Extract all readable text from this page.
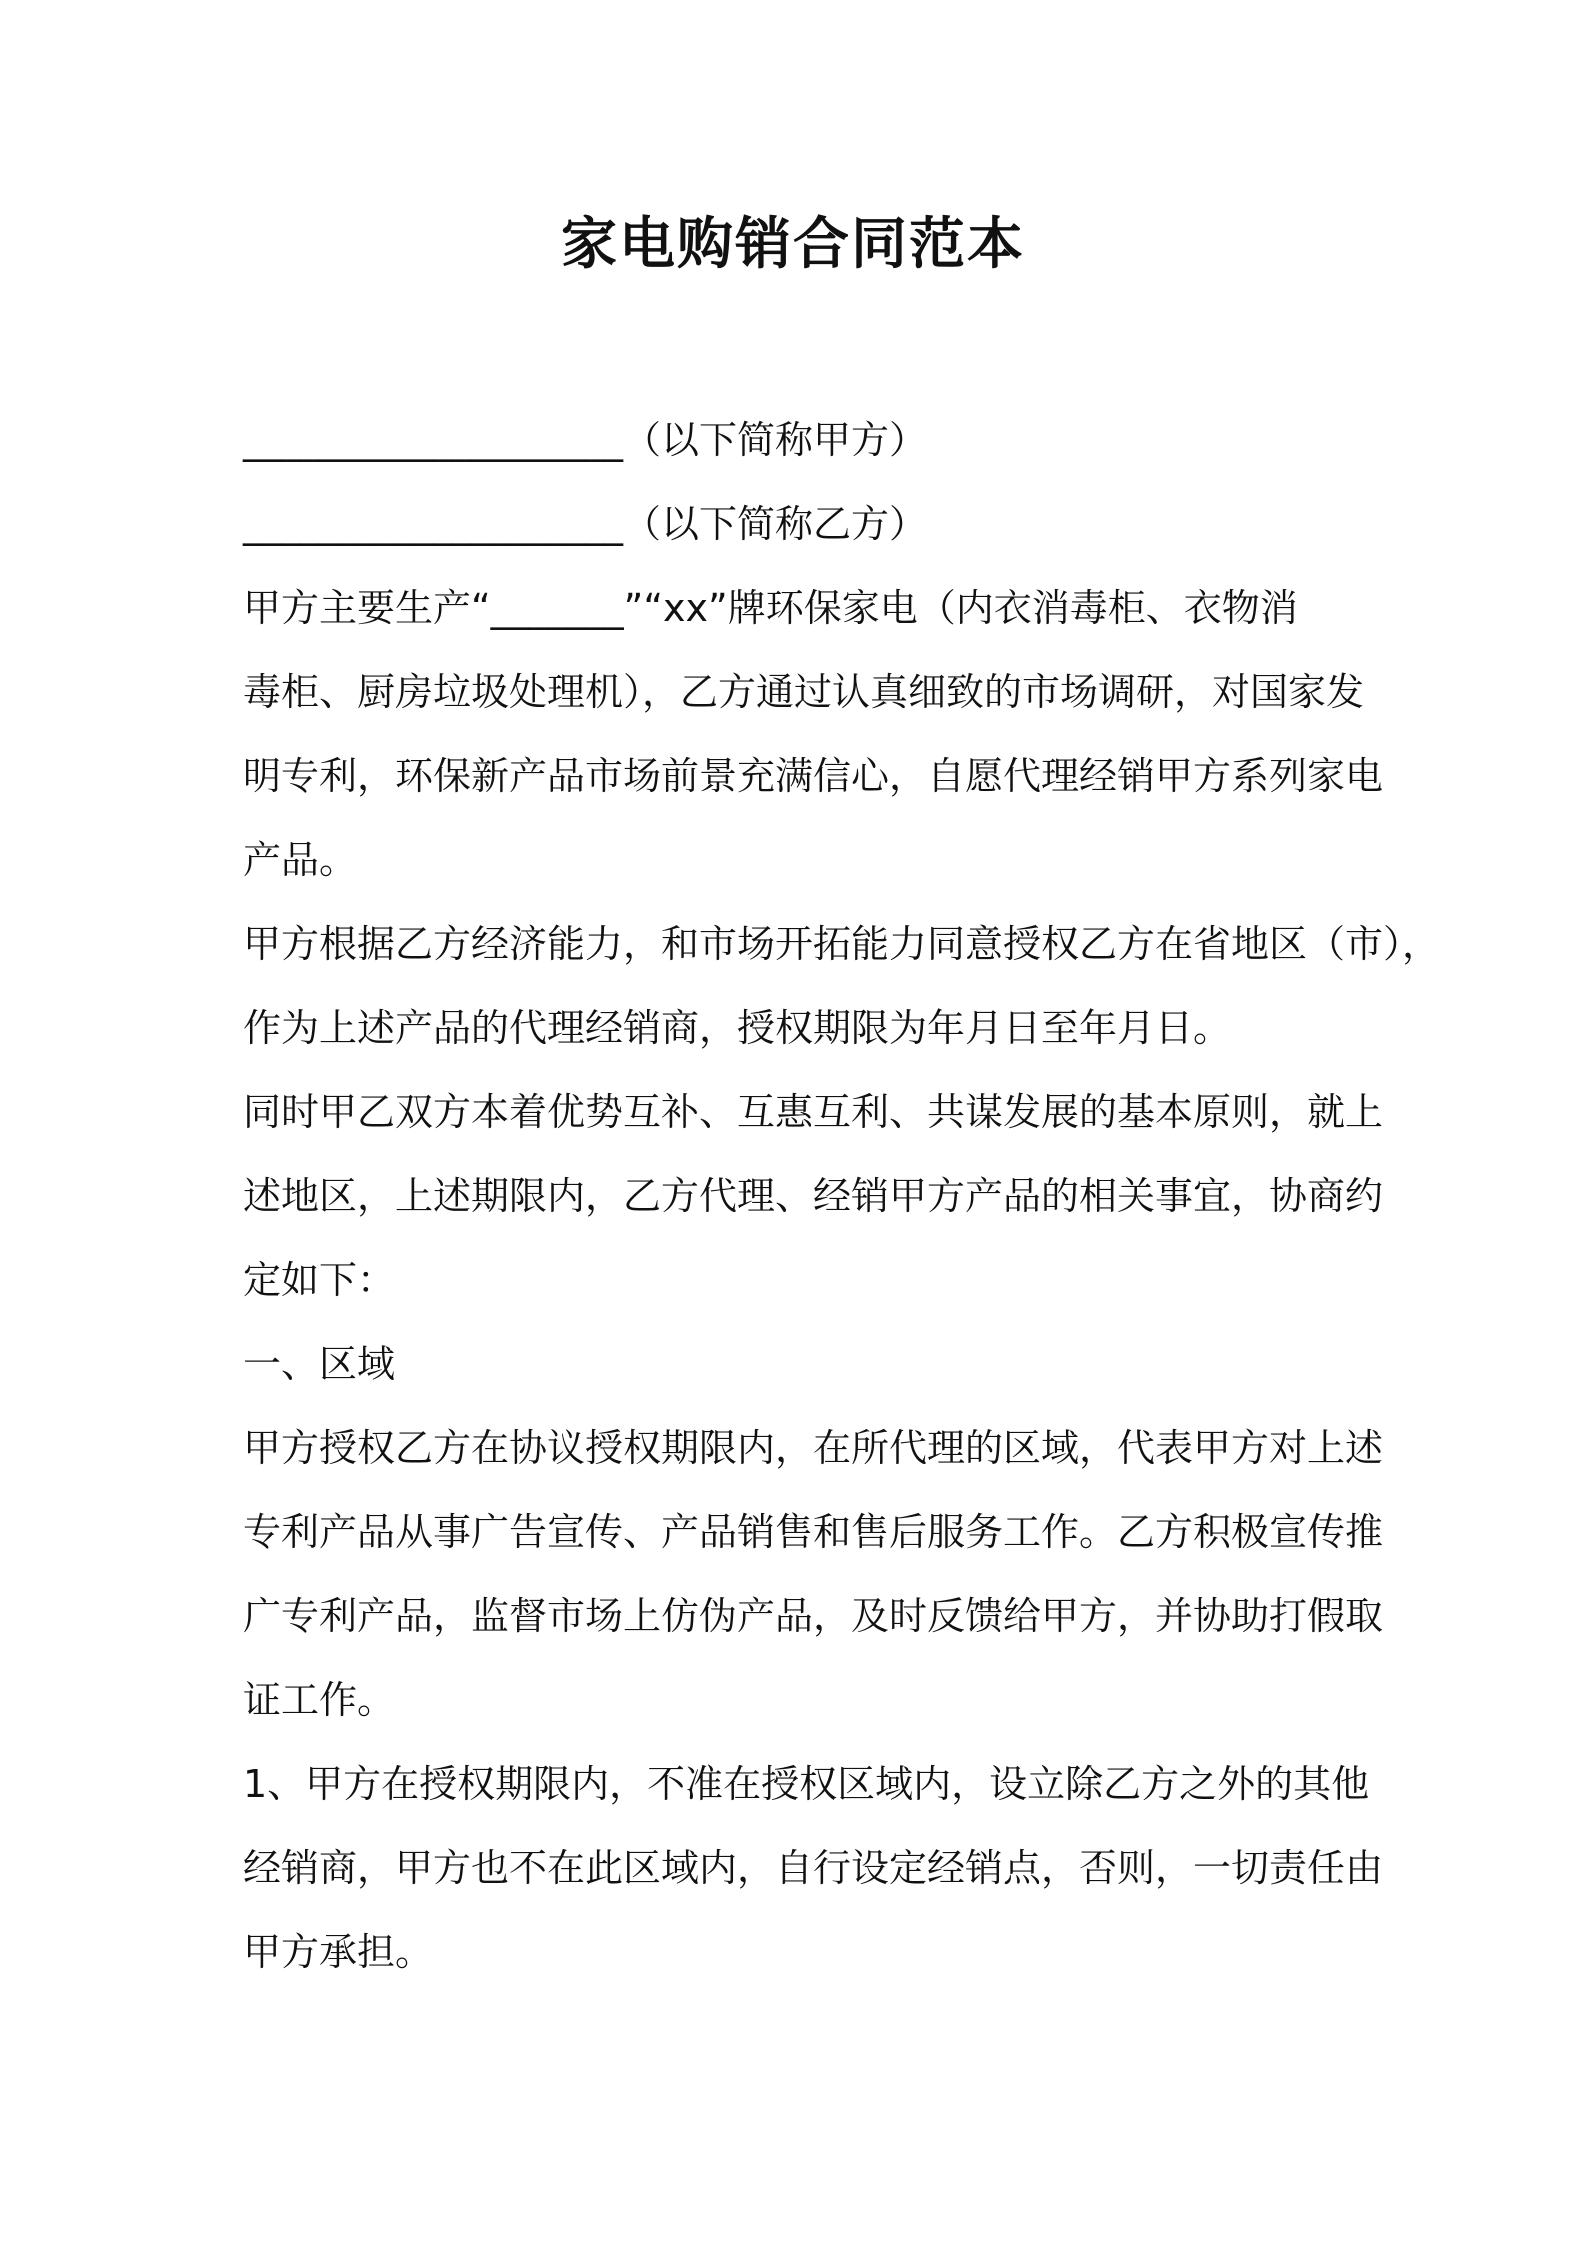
家电购销合同范本

____________________（以下简称甲方）

____________________（以下简称乙方）

甲方主要生产“_______”“xx”牌环保家电（内衣消毒柜、衣物消

毒柜、厨房垃圾处理机），乙方通过认真细致的市场调研，对国家发

明专利，环保新产品市场前景充满信心，自愿代理经销甲方系列家电

产品。

甲方根据乙方经济能力，和市场开拓能力同意授权乙方在省地区（市），

作为上述产品的代理经销商，授权期限为年月日至年月日。

同时甲乙双方本着优势互补、互惠互利、共谋发展的基本原则，就上

述地区，上述期限内，乙方代理、经销甲方产品的相关事宜，协商约

定如下：

一、区域

甲方授权乙方在协议授权期限内，在所代理的区域，代表甲方对上述

专利产品从事广告宣传、产品销售和售后服务工作。乙方积极宣传推

广专利产品，监督市场上仿伪产品，及时反馈给甲方，并协助打假取

证工作。

1、甲方在授权期限内，不准在授权区域内，设立除乙方之外的其他

经销商，甲方也不在此区域内，自行设定经销点，否则，一切责任由

甲方承担。
